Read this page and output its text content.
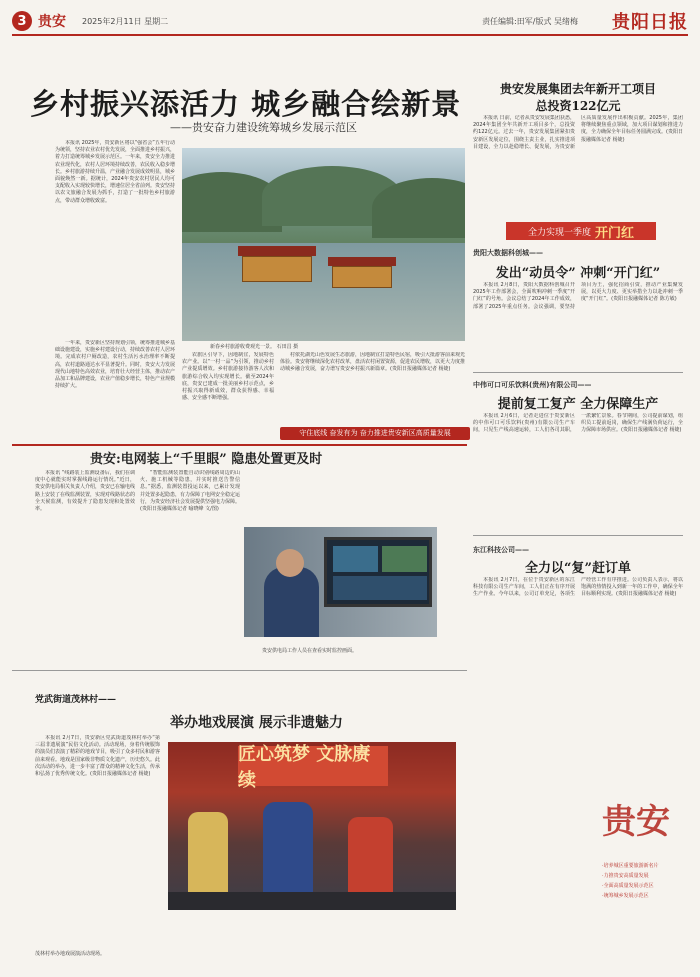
3 贵安 2025年2月11日 星期二	责任编辑:田军/版式 吴绪梅 贵阳日报
乡村振兴添活力 城乡融合绘新景
——贵安奋力建设统筹城乡发展示范区

本报讯 2025年，贵安新区将以“强省会”五年行动为统领，坚持农业农村优先发展，全面推进乡村振兴，着力打造统筹城乡发展示范区。一年来，贵安全力推进农业现代化，农村人居环境持续改善，农民收入稳步增长。乡村旅游持续升温，产业融合发展成效明显，城乡面貌焕然一新。据统计，2024年贵安农村居民人均可支配收入实现较快增长，增速位居全省前列。贵安坚持以农文旅融合发展为抓手，打造了一批特色乡村旅游点，带动群众增收致富。

一年来，贵安新区坚持规划引领，统筹推进城乡基础设施建设，实施乡村建设行动，持续改善农村人居环境。完成农村户厕改造，农村生活污水治理率不断提高，农村道路通达水平显著提升。同时，贵安大力发展现代山地特色高效农业，培育壮大经营主体，推动农产品加工和品牌建设，农业产值稳步增长，特色产业规模持续扩大。

新春乡村旅游收费观光一景。 石田昌 摄

农旅区引导下，因地制宜，发展特色农产业。以“一村一品”为引领，推动乡村产业提质增效。乡村旅游接待游客人次和旅游综合收入均实现增长。截至2024年底，贵安已建成一批美丽乡村示范点，乡村振兴取得新成效，群众获得感、幸福感、安全感不断增强。

村依托湖光山色发展生态旅游，因地制宜打造特色民宿，吸引大批游客前来观光体验。贵安将继续深化农村改革，盘活农村闲置资源，促进农民增收，以更大力度推动城乡融合发展，奋力谱写贵安乡村振兴新篇章。(贵阳日报融媒体记者 杨婕)

守住底线 奋发有为 奋力推进贵安新区高质量发展
贵安发展集团去年新开工项目
总投资122亿元

本报讯 日前，记者从贵安发展集团获悉，2024年集团全年共新开工项目多个，总投资约122亿元。过去一年，贵安发展集团紧扣贵安新区发展定位，围绕主责主业，扎实推进项目建设，全力以赴稳增长、促发展，为贵安新区高质量发展作出积极贡献。2025年，集团将继续聚焦重点领域，加大项目谋划和推进力度，全力确保全年目标任务圆满完成。(贵阳日报融媒体记者 杨婕)

全力实现一季度 开门红
贵阳大数据科创城——
发出“动员令” 冲刺“开门红”

本报讯 2月8日，贵阳大数据科创城召开2025年工作部署会，全面吹响冲刺一季度“开门红”的号角。会议总结了2024年工作成效，部署了2025年重点任务。会议强调，要坚持项目为王，强化招商引资，推动产业集聚发展，以更大力度、更实举措全力以赴冲刺一季度“开门红”。(贵阳日报融媒体记者 陈方敏)

中伟可口可乐饮料(贵州)有限公司——
提前复工复产 全力保障生产

本报讯 2月6日，记者走进位于贵安新区的中伟可口可乐饮料(贵州)有限公司生产车间，只见生产线高速运转，工人们各司其职，一派繁忙景象。春节期间，公司提前谋划，组织员工提前返岗，确保生产线满负荷运行，全力保障市场供应。(贵阳日报融媒体记者 杨婕)

东江科技公司——
全力以“复”赶订单

本报讯 2月7日，在位于贵安新区的东江科技有限公司生产车间，工人们正在有序开展生产作业。今年以来，公司订单充足，各项生产经营工作有序推进。公司负责人表示，将以饱满的热情投入到新一年的工作中，确保全年目标顺利实现。(贵阳日报融媒体记者 杨婕)

贵安:电网装上“千里眼” 隐患处置更及时

本报讯 “线路装上监测设备后，我们在调度中心就能实时掌握线路运行情况。”近日，贵安供电局相关负责人介绍，贵安已在输电线路上安装了在线监测装置，实现对线路状态的全天候监测，有效提升了隐患发现和处置效率。

“智能监测装置能自动识别线路周边的山火、施工机械等隐患，并实时推送告警信息。”据悉，监测装置投运以来，已累计发现并处置多起隐患，有力保障了电网安全稳定运行，为贵安经济社会发展提供坚强电力保障。(贵阳日报融媒体记者 喻晓峰 文/图)

贵安供电局工作人员在查看实时监控画面。
党武街道茂林村——
举办地戏展演 展示非遗魅力

本报讯 2月7日，贵安新区党武街道茂林村举办“第三届非遗展演”民俗文化活动。活动现场，身着传统服饰的演员们表演了精彩的地戏节目，吸引了众多村民和游客前来观看。地戏是国家级非物质文化遗产，历史悠久。此次活动的举办，进一步丰富了群众的精神文化生活，传承和弘扬了优秀传统文化。(贵阳日报融媒体记者 杨婕)

匠心筑梦 文脉赓续
茂林村举办地戏展演活动现场。
贵安
·培养城区重要旅游新名片
·力推贵安高质量发展
·全面高质量发展示范区
·统筹城乡发展示范区
